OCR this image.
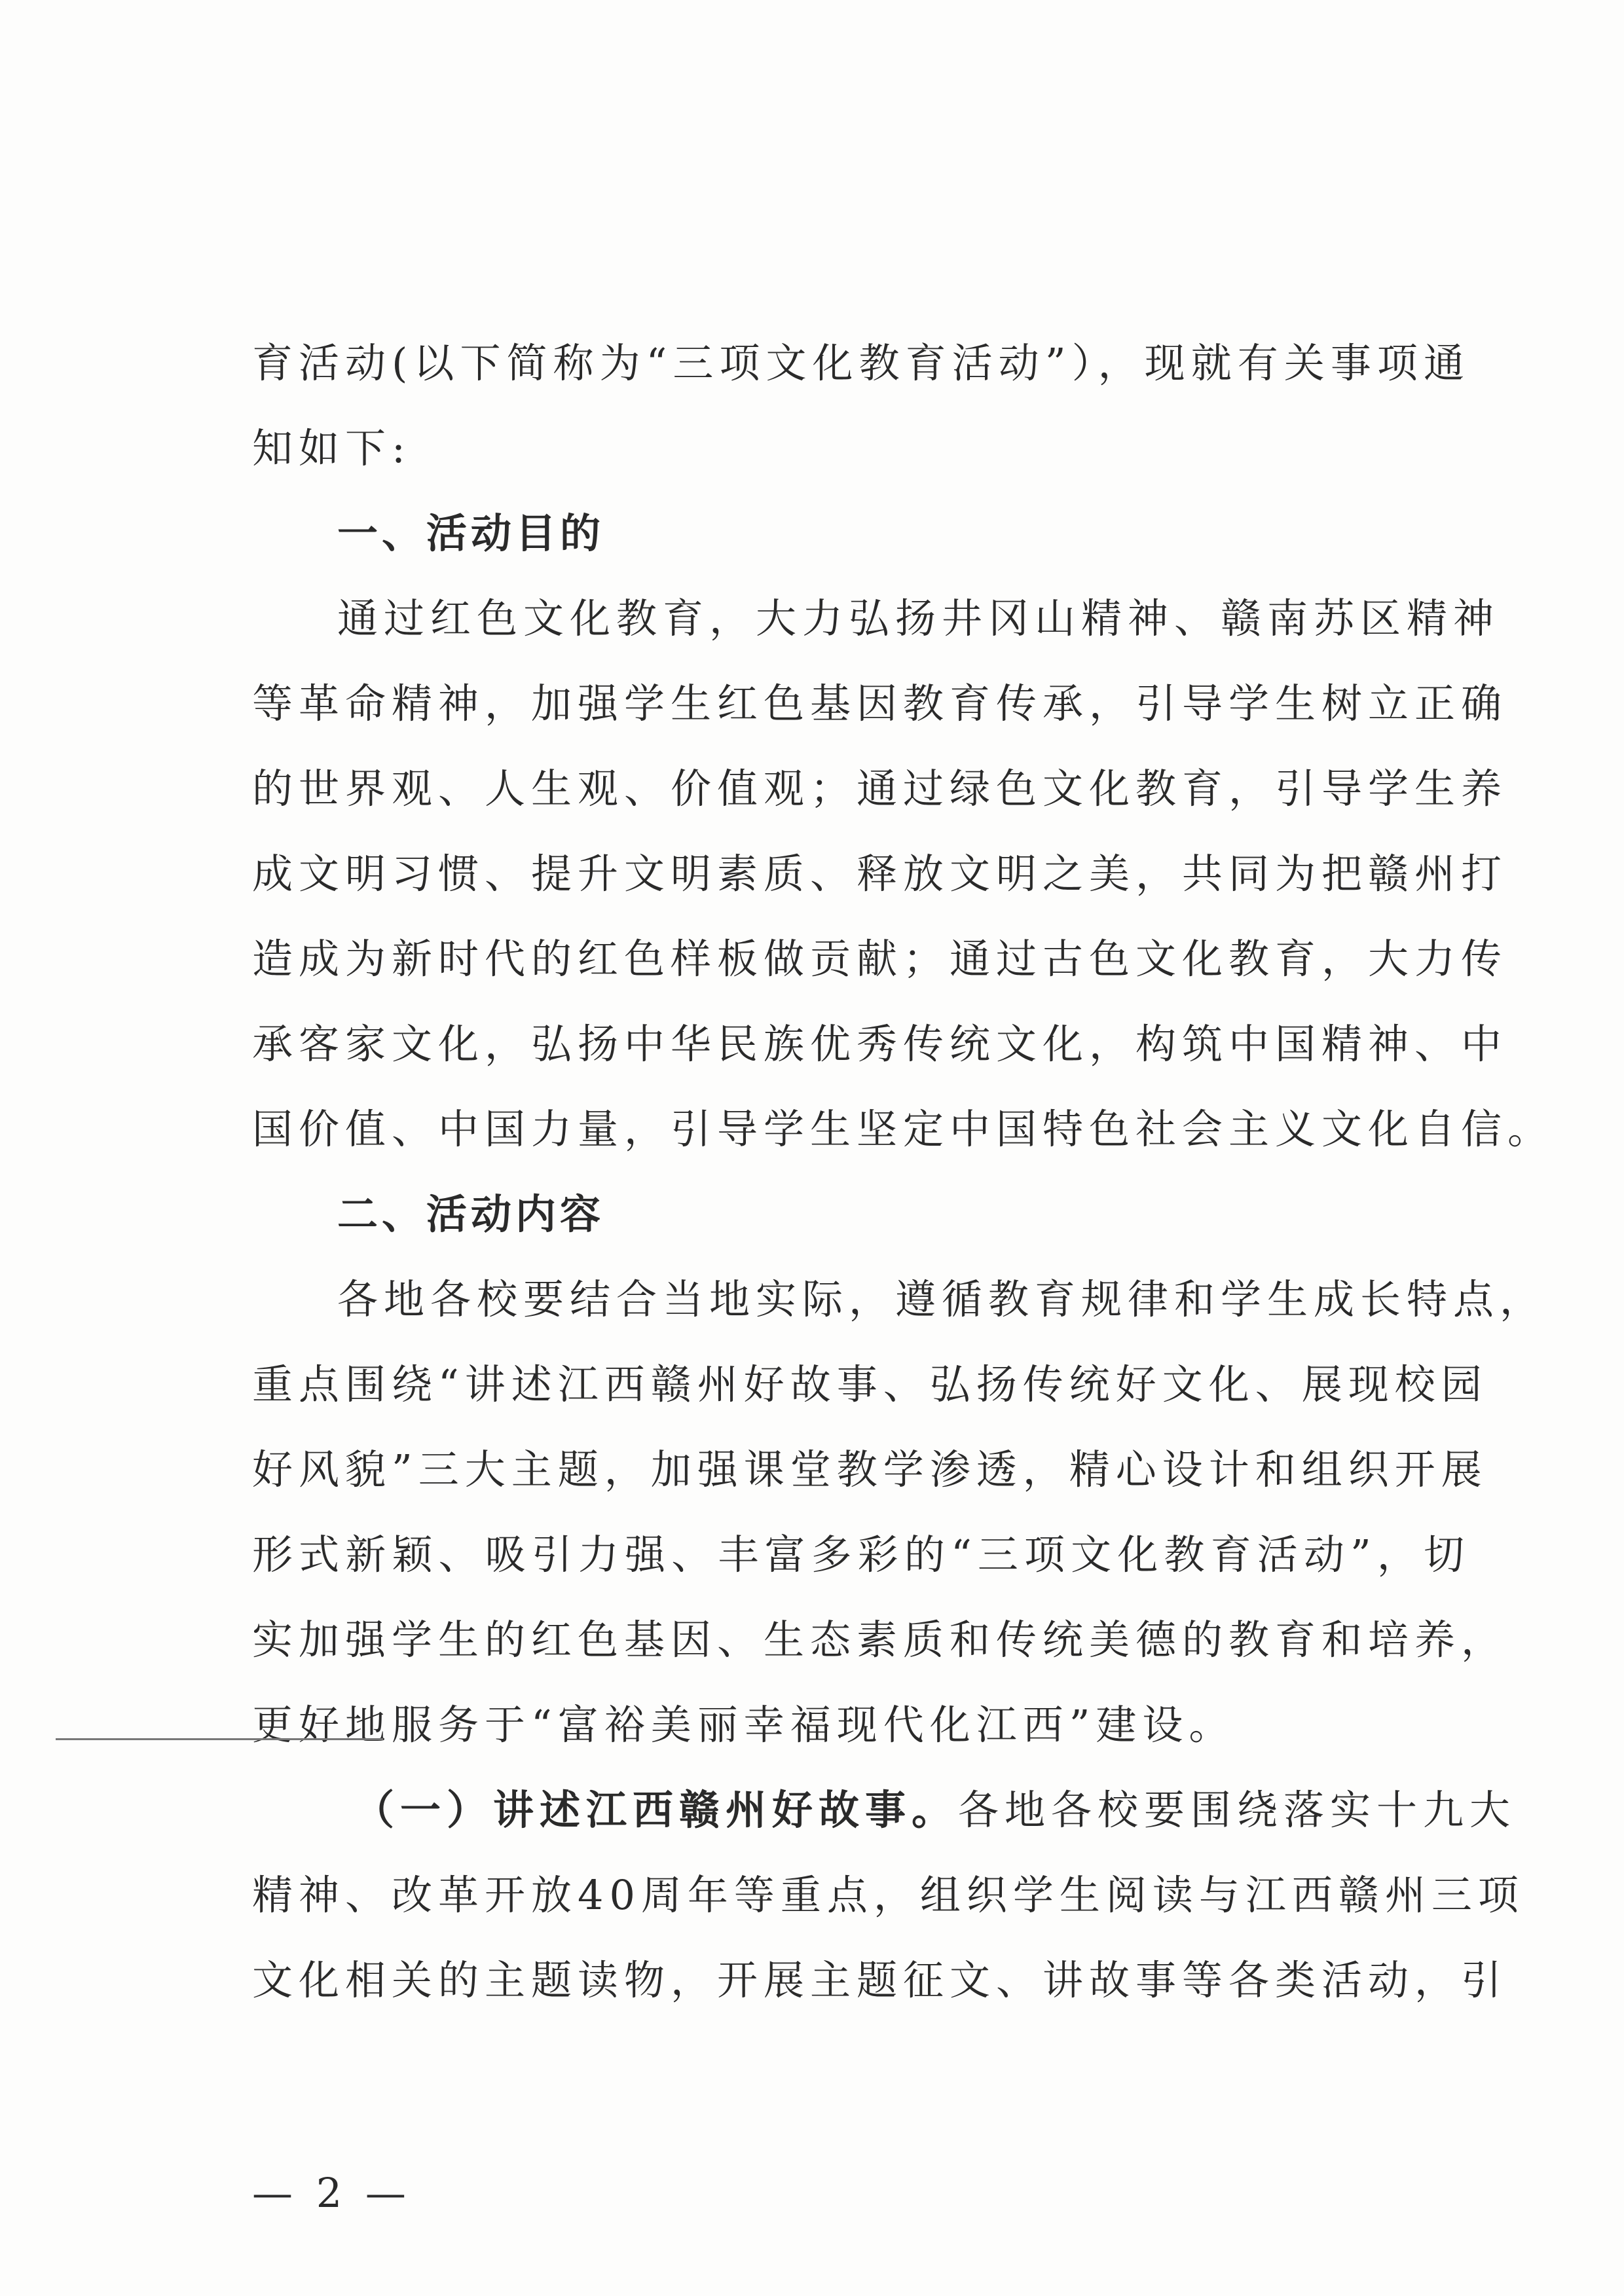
育活动(以下简称为“三项文化教育活动”），现就有关事项通
知如下:
一、活动目的
通过红色文化教育，大力弘扬井冈山精神、赣南苏区精神
等革命精神，加强学生红色基因教育传承，引导学生树立正确
的世界观、人生观、价值观；通过绿色文化教育，引导学生养
成文明习惯、提升文明素质、释放文明之美，共同为把赣州打
造成为新时代的红色样板做贡献；通过古色文化教育，大力传
承客家文化，弘扬中华民族优秀传统文化，构筑中国精神、中
国价值、中国力量，引导学生坚定中国特色社会主义文化自信。
二、活动内容
各地各校要结合当地实际，遵循教育规律和学生成长特点，
重点围绕“讲述江西赣州好故事、弘扬传统好文化、展现校园
好风貌”三大主题，加强课堂教学渗透，精心设计和组织开展
形式新颖、吸引力强、丰富多彩的“三项文化教育活动”，切
实加强学生的红色基因、生态素质和传统美德的教育和培养，
更好地服务于“富裕美丽幸福现代化江西”建设。
（一）讲述江西赣州好故事。各地各校要围绕落实十九大
精神、改革开放40周年等重点，组织学生阅读与江西赣州三项
文化相关的主题读物，开展主题征文、讲故事等各类活动，引
— 2 —
